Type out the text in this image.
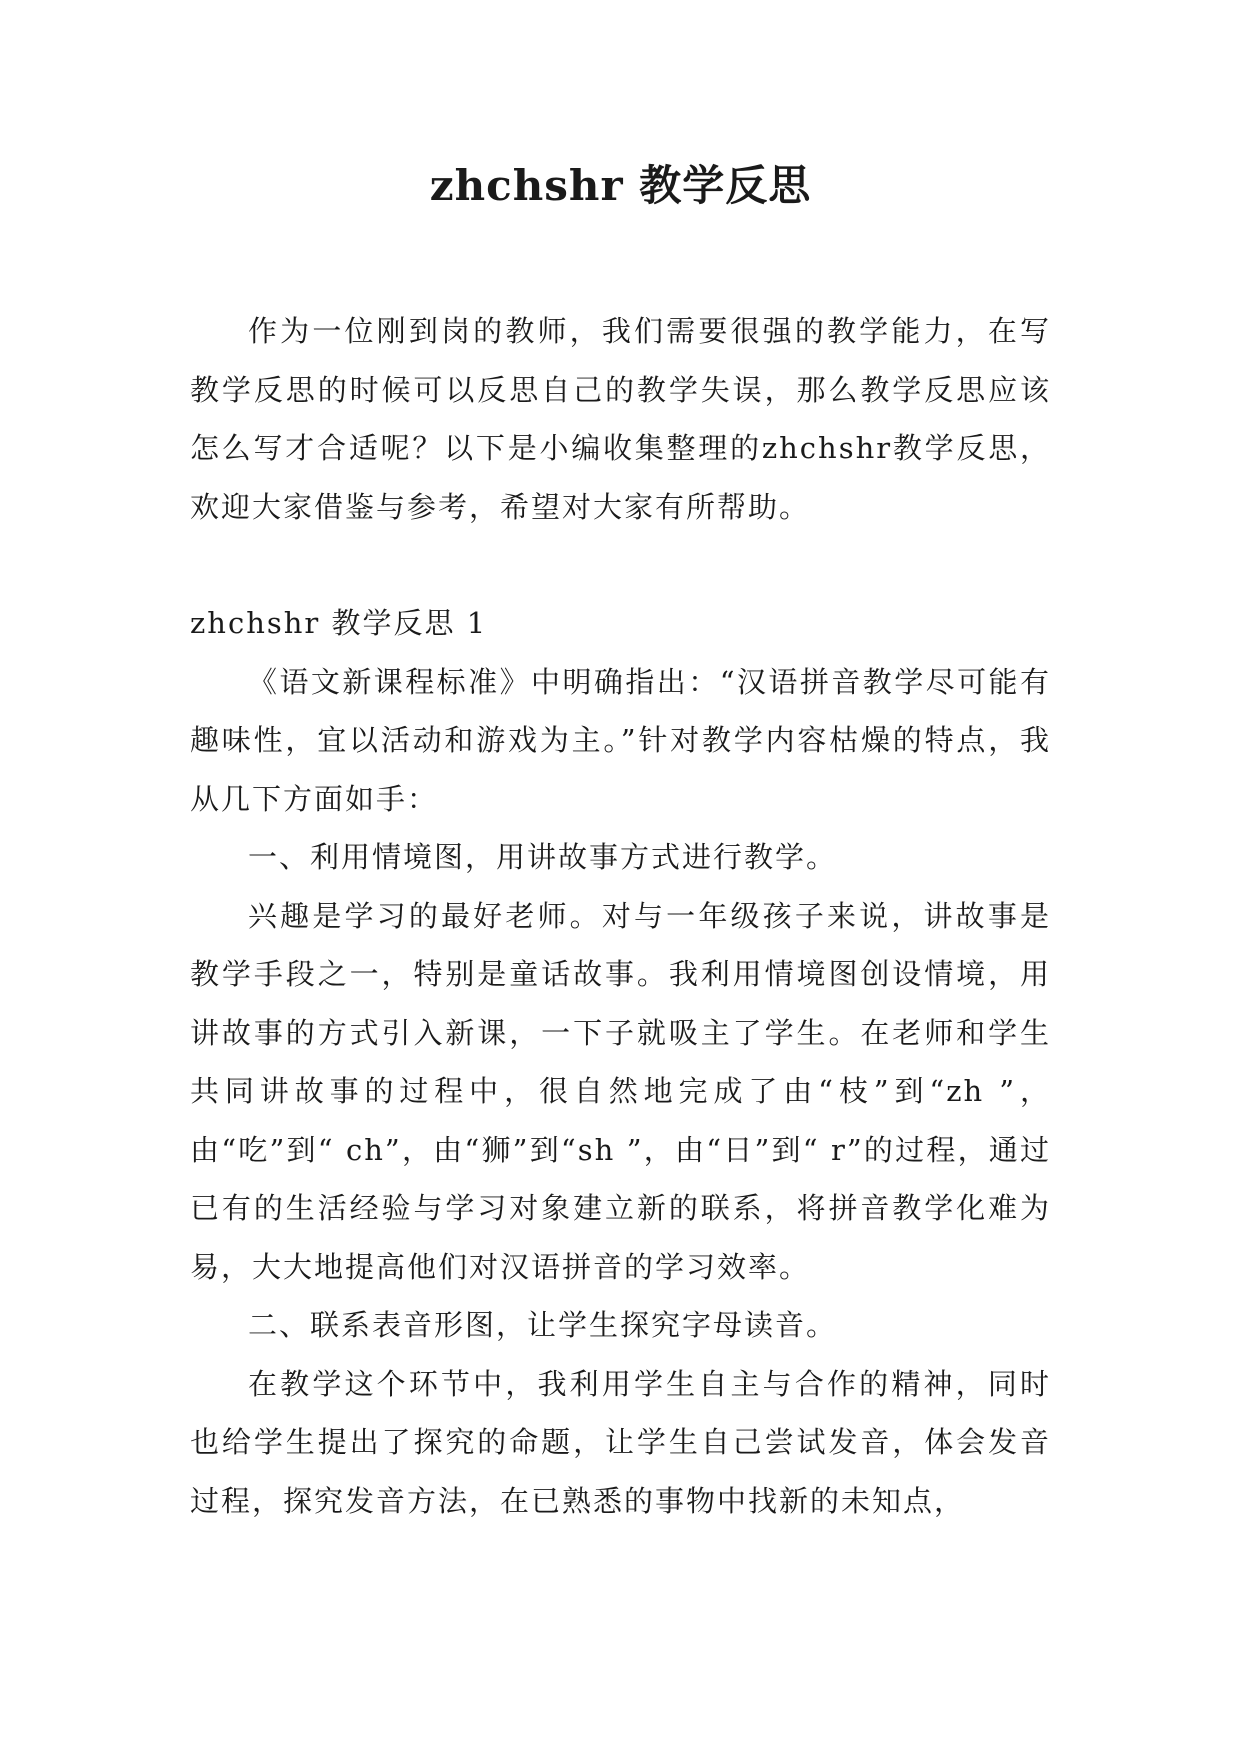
zhchshr 教学反思

作为一位刚到岗的教师，我们需要很强的教学能力，在写教学反思的时候可以反思自己的教学失误，那么教学反思应该怎么写才合适呢？以下是小编收集整理的zhchshr教学反思，欢迎大家借鉴与参考，希望对大家有所帮助。

zhchshr 教学反思 1

《语文新课程标准》中明确指出：“汉语拼音教学尽可能有趣味性，宜以活动和游戏为主。”针对教学内容枯燥的特点，我从几下方面如手：

一、利用情境图，用讲故事方式进行教学。

兴趣是学习的最好老师。对与一年级孩子来说，讲故事是教学手段之一，特别是童话故事。我利用情境图创设情境，用讲故事的方式引入新课，一下子就吸主了学生。在老师和学生共同讲故事的过程中，很自然地完成了由“枝”到“zh ”，由“吃”到“ ch”，由“狮”到“sh ”，由“日”到“ r”的过程，通过已有的生活经验与学习对象建立新的联系，将拼音教学化难为易，大大地提高他们对汉语拼音的学习效率。

二、联系表音形图，让学生探究字母读音。

在教学这个环节中，我利用学生自主与合作的精神，同时也给学生提出了探究的命题，让学生自己尝试发音，体会发音过程，探究发音方法，在已熟悉的事物中找新的未知点，
